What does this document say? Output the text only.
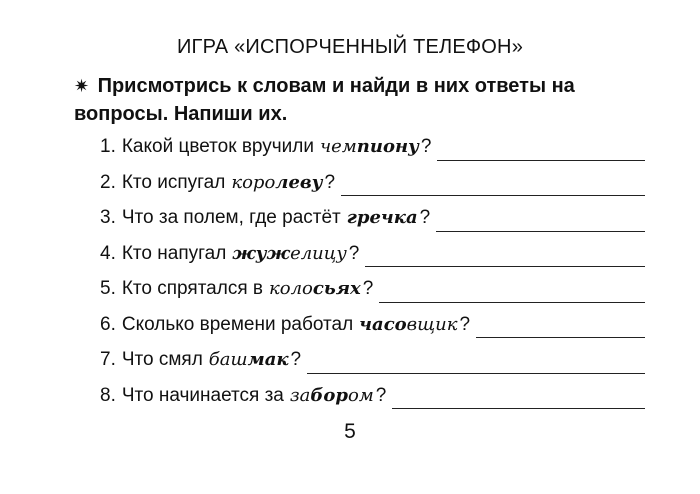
ИГРА «ИСПОРЧЕННЫЙ ТЕЛЕФОН»
✷ Присмотрись к словам и найди в них ответы на
вопросы. Напиши их.
1. Какой цветок вручили чемпиону ?
2. Кто испугал королеву ?
3. Что за полем, где растёт гречка ?
4. Кто напугал жужелицу ?
5. Кто спрятался в колосьях ?
6. Сколько времени работал часовщик ?
7. Что смял башмак ?
8. Что начинается за забором ?
5
